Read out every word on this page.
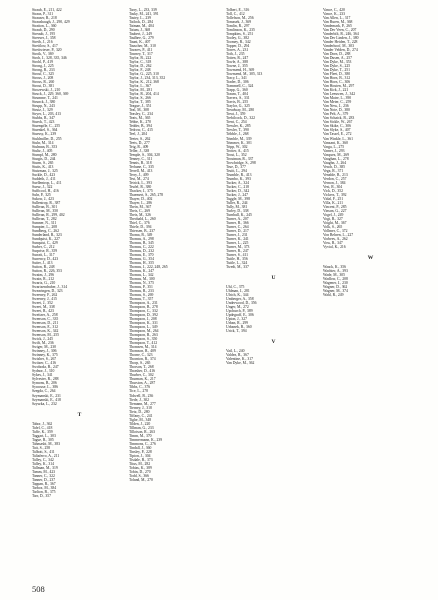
Straub, E., 211, 422
Straus, P., 311
Strauser, R., 218
Strausbaugh, J., 290, 429
Stratton, L., 360
Straub, D., 290
Streaub, J., 195
Streeser, J., 358
Streib, J., 216
Streitlow, S., 417
Streitwieser, P., 320
Stroik, V., 369
Stroh, J., 328, 335, 346
Strohl, P., 419
Strong, J., 225
Strong, R., 233
Strouf, C., 325
Strous, J., 208
Strous, R., 260
Strout, D., 381
Strozewski, J., 210
Struck, J., 229, 360, 369
Strumme, T., 241
Strunck, J., 380
Strupp, N., 243
Strutz, J., 329
Stryer, L., 203, 413
Stubbs, R., 347
Stueck, T., 423
Stuempfle, C., 255
Stuenkel, S., 364
Stuessy, K., 239
Stuhlmiller, D., 255
Stuhr, M., 314
Stulman, B., 353
Stultz, J., 405
Stumpf, M., 280
Sturgis, D., 244
Sturm, S., 265
Stutts, K., 413
Stutzman, J., 325
Suckle, D., 423
Suddeth, J., 411
Suellentrop, L., 411
Suesz, J., 322
Sufficool, H., 416
Suhr, P., 325
Sukow, J., 423
Sullentrop, R., 387
Sullivan, B., 301
Sullivan, M., 350
Sullivan, R., 299, 402
Sullivan, T., 282
Sumner, N., 311
Sumpter, L., 208
Sundberg, C., 262
Sunderland, R., 323
Sundquist, K., 227
Sunquist, C., 429
Surber, C., 212
Surprise, R., 359
Surratt, L., 317
Surrency, D., 423
Sutter, J., 413
Sutton, B., 248
Sutton, R., 226, 353
Swaim, J., 296
Swain, R., 212
Swartz, G., 210
Swartzendruber, J., 314
Swearingen, D., 323
Sweeney, F., 262
Sweeney, J., 415
Sweet, J., 352
Sweet, M., 338
Sweet, R., 423
Sweitzer, A., 258
Swenson, C., 335
Swenson, D., 211
Swenson, E., 312
Swenson, K., 342
Swenson, M., 255
Swick, J., 245
Swift, M., 236
Swiger, M., 230
Swinney, J., 306
Swinney, K., 375
Swisher, S., 267
Switzer, C., 416
Swoboda, B., 247
Sydnor, J., 310
Sykes, J., 341
Sylvester, R., 288
Symons, B., 206
Syracuse, L., 386
Szegda, C., 264
Szymanski, E., 231
Szymanski, E., 418
Szyszka, L., 232
T
Tabor, J., 362
Tafel, C., 418
Taffe, K., 359
Taggart, L., 303
Tague, R., 305
Tahmasbi, M., 383
Tait, S., 258
Talbott, S., 411
Taliaferro, A., 211
Talley, C., 342
Talley, K., 314
Tallman, M., 319
Tamm, M., 423
Tanner, C., 322
Tanner, D., 237
Tappan, R., 367
Tarbox, M., 384
Tarlton, B., 375
Tarr, D., 357
Tarry, L., 233, 339
Tasky, M., 241, 391
Tastey, L., 239
Tatlock, D., 284
Tatman, M., 404
Tatum, J., 368
Taubert, J., 249
Taulbee, G., 279
Taunt, K., 407
Tauscher, M., 310
Tavares, P., 411
Tawney, T., 317
Taylor, B., 222
Taylor, C., 318
Taylor, D., 262
Taylor, F., 248
Taylor, G., 225, 310
Taylor, J., 234, 313, 352
Taylor, K., 212, 368
Taylor, L., 367
Taylor, M., 281
Taylor, R., 204, 414
Taylor, S., 266
Taylor, T., 385
Teague, J., 351
Teal, M., 308
Teasley, C., 234
Teats, M., 365
Tebbe, K., 270
Tedder, B., 394
Tedrow, C., 415
Teel, J., 204
Teeter, S., 262
Teets, D., 277
Teig, R., 409
Teller, J., 338
Temple, S., 304, 320
Tenney, C., 311
Tennis, B., 318
Terhune, C., 335
Terrell, M., 413
Terry, J., 409
Test, M., 274
Tetrick, L., 393
Teufel, R., 380
Thacker, J., 375
Thaemert, S., 265, 278
Thayer, D., 402
Thayer, L., 286
Thein, M., 367
Theis, C., 269
Theis, M., 326
Theobald, L., 260
Thiel, C., 376
Thiele, D., 394
Thiessen, B., 237
Thoma, B., 349
Thomas, A., 298
Thomas, B., 345
Thomas, C., 222
Thomas, D., 232
Thomas, E., 370
Thomas, G., 354
Thomas, H., 355
Thomas, J., 222, 248, 265
Thomas, K., 247
Thomas, L., 342
Thomas, M., 300
Thomas, N., 375
Thomas, P., 351
Thomas, R., 233
Thomas, S., 269
Thomas, T., 357
Thompson, A., 231
Thompson, B., 278
Thompson, C., 332
Thompson, D., 392
Thompson, J., 208
Thompson, K., 331
Thompson, L., 349
Thompson, M., 264
Thompson, R., 263
Thompson, S., 350
Thompson, T., 412
Thomsen, M., 314
Thomson, R., 409
Thorne, C., 323
Thornton, R., 374
Thorp, S., 265
Thorson, T., 268
Thrasher, D., 416
Thurber, C., 302
Thurman, K., 217
Thurston, A., 287
Tibbs, C., 376
Tice, L., 278
Tidwell, B., 236
Tiede, J., 302
Tiemann, M., 277
Tierney, J., 318
Tietz, D., 280
Tiffany, C., 241
Tighe, M., 348
Tilden, J., 220
Tillman, G., 233
Tillotson, R., 263
Timm, M., 370
Timmermann, K., 239
Timmons, C., 276
Tindall, J., 360
Tinsley, P., 228
Tipton, J., 304
Tisdale, B., 373
Titus, M., 282
Tobias, K., 389
Tobin, D., 270
Todd, S., 366
Toland, M., 270
Tolbert, E., 316
Toll, C., 412
Tollefson, M., 256
Tomasek, J., 369
Tomlin, R., 297
Tomlinson, K., 235
Tompkins, S., 251
Tooley, G., 382
Toomey, R., 342
Topper, D., 294
Torres, A., 231
Toth, J., 235
Totten, R., 247
Towle, A., 388
Towne, J., 355
Townsend, H., 369
Townsend, M., 305, 313
Tracy, L., 341
Trader, D., 306
Trammell, C., 324
Trapp, G., 360
Traum, T., 404
Travers, S., 331
Travis, B., 255
Traylor, G., 325
Treadway, M., 280
Treat, J., 359
Trebilcock, D., 322
Trent, C., 254
Tressler, K., 285
Trexler, T., 390
Tribble, J., 268
Trimble, M., 339
Trimmer, K., 301
Tripp, W., 302
Trotter, A., 415
Trout, L., 352
Troutman, R., 337
Trowbridge, S., 298
True, D., 377
Truitt, L., 294
Trumble, R., 413
Trumbo, K., 393
Tucker, A., 324
Tucker, C., 218
Tucker, D., 342
Tucker, J., 247
Tuggle, M., 398
Tuller, R., 244
Tully, M., 381
Turley, D., 338
Turnbull, K., 245
Turner, A., 207
Turner, B., 366
Turner, C., 264
Turner, D., 217
Turner, J., 231
Turner, K., 241
Turner, L., 225
Turner, M., 373
Turner, R., 247
Turner, S., 411
Tuttle, H., 356
Tuttle, L., 324
Twedt, M., 337
U
Uhl, C., 375
Uhlman, J., 281
Ulrich, K., 344
Umberger, A., 358
Underwood, D., 356
Unger, M., 272
Upchurch, P., 389
Updegraff, E., 306
Upton, J., 327
Urban, R., 299
Urbanek, B., 360
Urick, T., 394
V
Vail, L., 240
Valdez, R., 367
Valentine, K., 317
Van Dyke, M., 362
Vance, C., 420
Vance, K., 233
Van Allen, L., 317
Van Buren, M., 368
Vandemark, P., 265
Van Der Veen, C., 207
Vanderbilt, R., 246, 364
Van Der Linden, J., 380
Vander Heiden, T., 228
Vanderhoof, M., 303
Vander Velden, D., 274
Van Dorn, D., 288
Van Dusen, A., 257
Van Dyke, M., 353
Van Dyke, S., 225
Van Dyke, T., 251
Van Fleet, D., 380
Van Horn, B., 312
Van Horn, C., 306
Van Houten, M., 297
Van Kirk, J., 221
Van Leeuwen, J., 342
Van Matre, L., 390
Van Meter, C., 259
Van Ness, J., 236
Van Note, D., 380
Van Pelt, A., 379
Van Schaick, B., 283
Van Sickle, W., 267
Van Skike, C., 306
Van Slyke, S., 407
Van Tassel, E., 272
Van Winkle, L., 361
Vanzant, K., 360
Varga, L., 275
Varner, J., 293
Vasquez, M., 269
Vaughan, L., 278
Vaughn, J., 264
Veach, D., 385
Vega, R., 371
Venable, B., 213
Verdon, C., 257
Vernon, J., 384
Vest, R., 304
Vick, D., 352
Vickers, T., 392
Vidal, F., 251
Villa, K., 211
Vincent, P., 285
Vinson, G., 227
Vogel, J., 249
Vogt, R., 327
Voight, M., 367
Volk, S., 265
Vollmer, C., 372
Von Behren, L., 227
Vorhees, A., 262
Voss, R., 347
Vyvial, K., 216
W
Waack, K., 356
Wachter, A., 393
Wade, M., 305
Wadlow, C., 208
Wagener, J., 230
Wagner, D., 362
Wagner, M., 374
Wahl, R., 249
508
